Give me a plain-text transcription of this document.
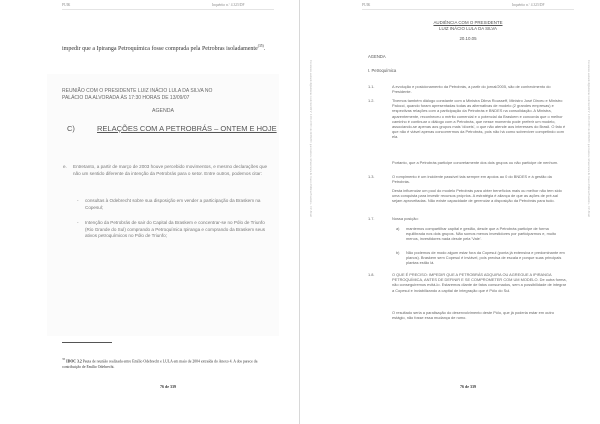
PUIK	Inquérito n.º 4.325/DF
impedir que a Ipiranga Petroquímica fosse comprada pela Petrobras isoladamente$^{(35)}$.
REUNIÃO COM O PRESIDENTE LUIZ INÁCIO LULA DA SILVA NO
PALÁCIO DA ALVORADA ÀS 17:30 HORAS DE 13/09/07
AGENDA
C)	RELAÇÕES COM A PETROBRÁS – ONTEM E HOJE
e.	Entretanto, a partir de março de 2003 houve percebido movimentos, e mesmo declarações que não um sentido diferente da intenção da Petrobrás para o setor. Entre outros, podemos citar:
-	consultas à Odebrecht sobre sua disposição em vender a participação da Braskem na Copesul;
-	Intenção da Petrobrás de sair do Capital da Braskem e concentrar-se no Pólo de Triunfo (Rio Grande do Sul) comprando a Petroquímica Ipiranga e comprando da Braskem seus ativos petroquímicos no Pólo de Triunfo;
$^{35}$ IDOC 3.2 Pauta de reunião realizada entre Emílio Odebrecht e LULA em maio de 2004 extraída do Anexo 4. A dos parece da contribuição de Emílio Odebrecht.
76 de 339
PUIK	Inquérito n.º 4.325/DF
Documento assinado digitalmente conforme MP n° 2.200-2/2001 de 24/08/2001 que institui a Infraestrutura de Chaves Públicas Brasileira - ICP-Brasil	Documento assinado digitalmente conforme MP n° 2.200-2/2001 de 24/08/2001 que institui a Infraestrutura de Chaves Públicas Brasileira - ICP-Brasil
AUDIÊNCIA COM O PRESIDENTE
LUIZ INÁCIO LULA DA SILVA
20.10.05
AGENDA
I. Petroquímica
1.1.	A evolução e posicionamento da Petrobrás, a partir do jornal/2005, são de conhecimento do Presidente.
1.2.	Tivemos também diálogo constante com a Ministra Dilma Rousseff, Ministro José Dirceu e Ministro Palocci, quando foram apresentadas todas as alternativas de modelo (2 grandes empresas) e respectivas relações com a participação da Petrobrás e BNDES na consolidação. A Ministra, aparentemente, reconheceu o mérito comercial e o potencial da Braskem e concorda que o melhor caminho é continuar o diálogo com a Petrobrás, que nesse momento pode preferir um modelo, associando-se apenas aos grupos mais 'dóceis', o que não atende aos interesses do Brasil. O fato é que não é viável apenas concorrermos da Petrobrás, pois não há como sobreviver competindo com ela.
Portanto, que a Petrobrás participe concretamente dos dois grupos ou não participe de nenhum.
1.3.	O rompimento é um incidente passível tais sempre em apoios ao 0 do BNDES e à gestão da Petrobrás.
Desta influenciar um pool do modelo Petrobrás para obter benefícios mais ou melhor não tem sido uma conquista para investir recursos próprios. A estratégia é aliança de que as ações de pré-sal sejam aproveitadas. Não existe capacidade de gerenciar a disposição da Petrobrás para tudo.
1.7.	Nossa posição:
a) mantemos compartilhar capital e gestão, desde que a Petrobrás participe de forma equilibrada nos dois grupos. Não somos menos investidores por participarmos e, muito menos, investidores nada desde pela 'Vale'.
b) Não podemos de modo algum estar fora da Copesul (ponta já extensiva e predominante em planos). Braskem sem Copesul é inviável, pois precisa de escala e porque suas principais plantas estão lá.
1.8.	O QUE É PRECISO: IMPEDIR QUE A PETROBRÁS ADQUIRA OU AGREGUE A IPIRANGA PETROQUÍMICA, ANTES DE DEFINIR E SE COMPROMETER COM UM MODELO. De outra forma, não conseguiremos evitá-lo. Estaremos diante de fatos consumados, sem a possibilidade de integrar a Copesul e inviabilizando a capital de integração que é Pólo do Sul.
O resultado seria a paralisação do desenvolvimento deste Pólo, que já poderia estar em outro estágio, não fosse essa mudança de rumo.
76 de 339
